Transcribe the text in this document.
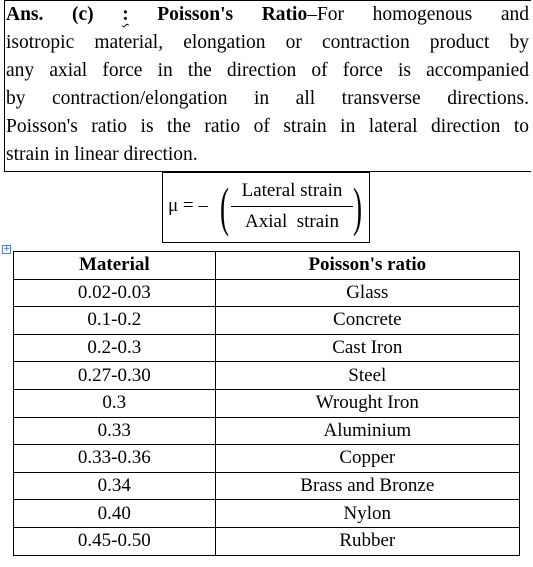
Ans. (c) : Poisson's Ratio–For homogenous and
isotropic material, elongation or contraction product by
any axial force in the direction of force is accompanied
by contraction/elongation in all transverse directions.
Poisson's ratio is the ratio of strain in lateral direction to
strain in linear direction.
μ = – ( Lateral strain
Axial  strain )
+
Material	Poisson's ratio
0.02-0.03	Glass
0.1-0.2	Concrete
0.2-0.3	Cast Iron
0.27-0.30	Steel
0.3	Wrought Iron
0.33	Aluminium
0.33-0.36	Copper
0.34	Brass and Bronze
0.40	Nylon
0.45-0.50	Rubber
